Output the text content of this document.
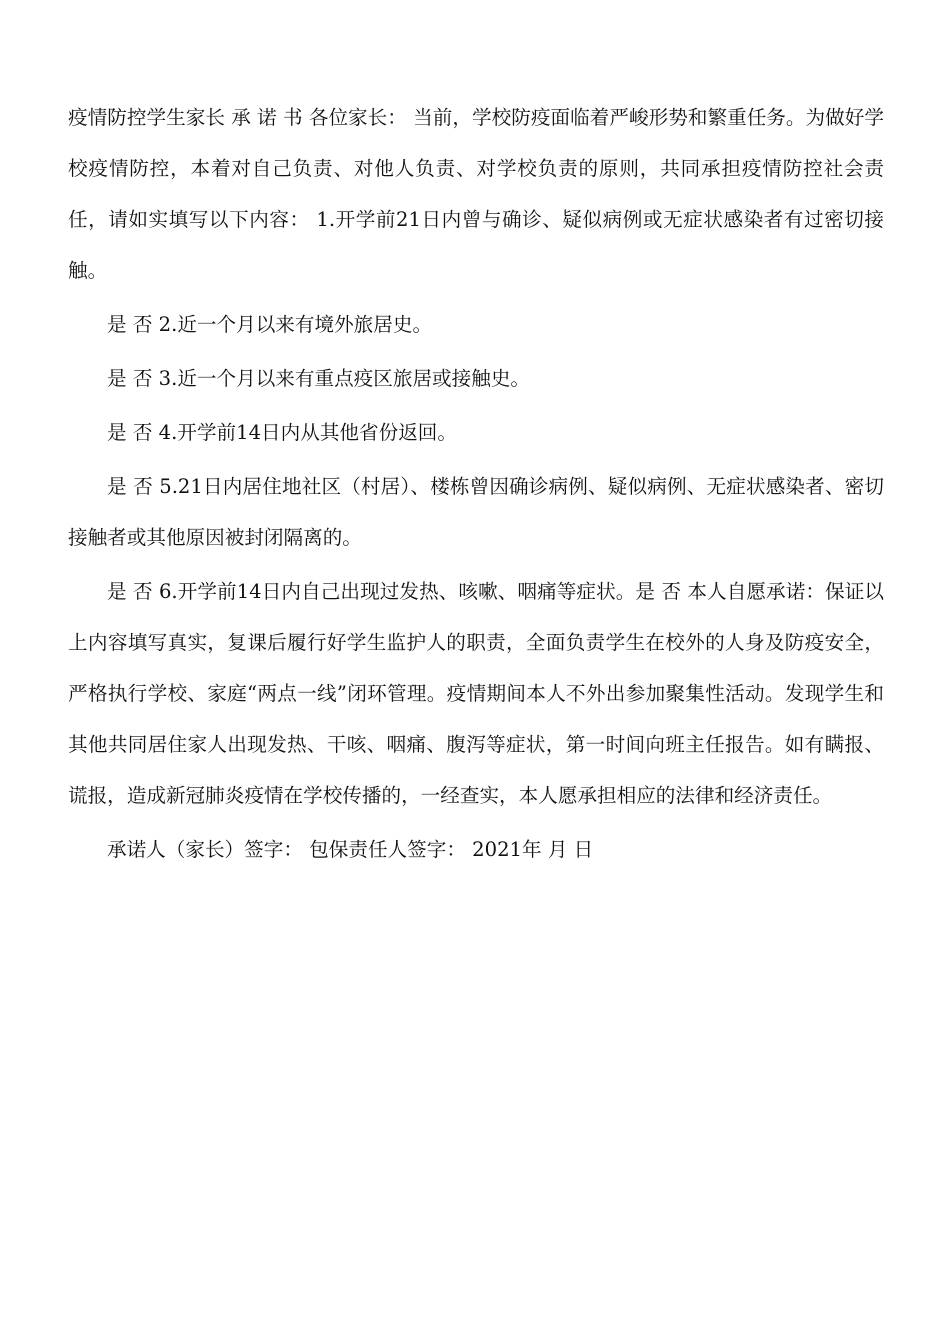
疫情防控学生家长 承 诺 书 各位家长： 当前，学校防疫面临着严峻形势和繁重任务。为做好学校疫情防控，本着对自己负责、对他人负责、对学校负责的原则，共同承担疫情防控社会责任，请如实填写以下内容： 1.开学前21日内曾与确诊、疑似病例或无症状感染者有过密切接触。

是 否 2.近一个月以来有境外旅居史。

是 否 3.近一个月以来有重点疫区旅居或接触史。

是 否 4.开学前14日内从其他省份返回。

是 否 5.21日内居住地社区（村居）、楼栋曾因确诊病例、疑似病例、无症状感染者、密切接触者或其他原因被封闭隔离的。

是 否 6.开学前14日内自己出现过发热、咳嗽、咽痛等症状。是 否 本人自愿承诺：保证以上内容填写真实，复课后履行好学生监护人的职责，全面负责学生在校外的人身及防疫安全，严格执行学校、家庭“两点一线”闭环管理。疫情期间本人不外出参加聚集性活动。发现学生和其他共同居住家人出现发热、干咳、咽痛、腹泻等症状，第一时间向班主任报告。如有瞒报、谎报，造成新冠肺炎疫情在学校传播的，一经查实，本人愿承担相应的法律和经济责任。

承诺人（家长）签字： 包保责任人签字： 2021年 月 日
